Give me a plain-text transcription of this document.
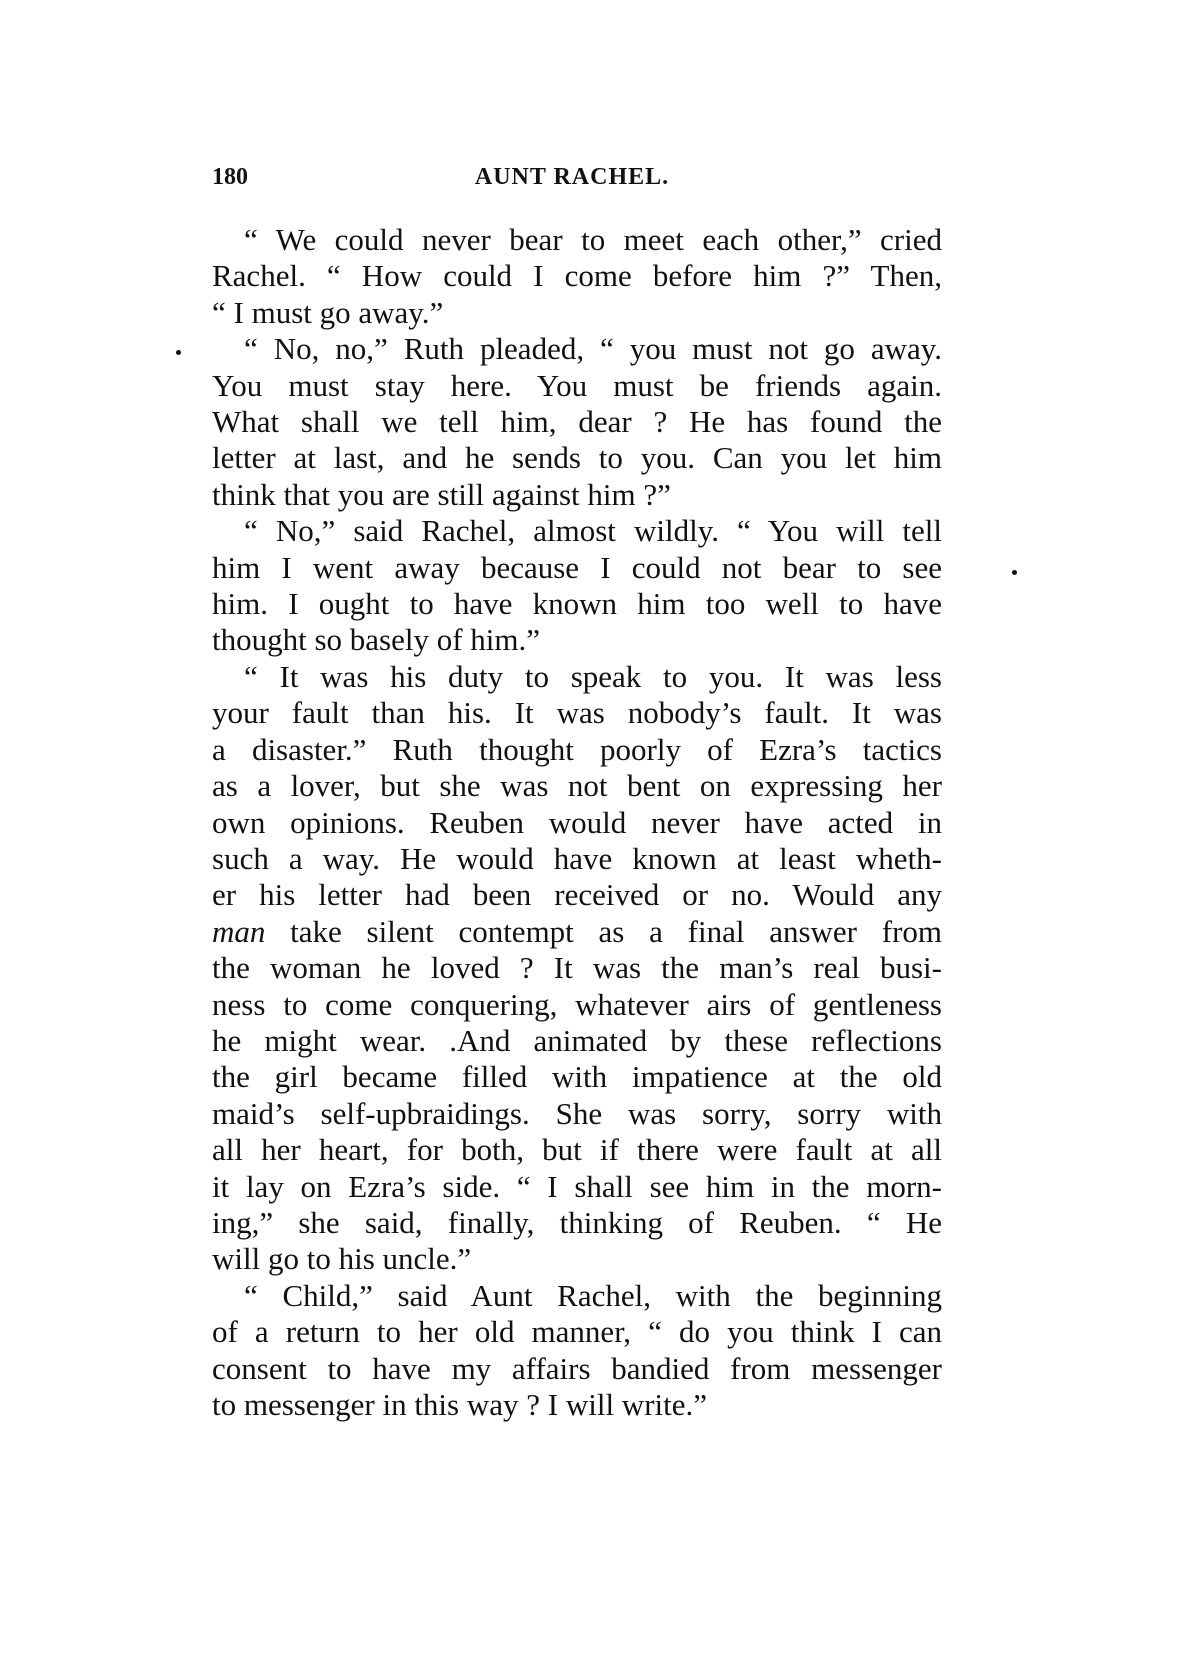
180	AUNT RACHEL.
“ We could never bear to meet each other,” cried
Rachel. “ How could I come before him ?” Then,
“ I must go away.”
“ No, no,” Ruth pleaded, “ you must not go away.
You must stay here. You must be friends again.
What shall we tell him, dear ? He has found the
letter at last, and he sends to you. Can you let him
think that you are still against him ?”
“ No,” said Rachel, almost wildly. “ You will tell
him I went away because I could not bear to see
him. I ought to have known him too well to have
thought so basely of him.”
“ It was his duty to speak to you. It was less
your fault than his. It was nobody’s fault. It was
a disaster.” Ruth thought poorly of Ezra’s tactics
as a lover, but she was not bent on expressing her
own opinions. Reuben would never have acted in
such a way. He would have known at least wheth-
er his letter had been received or no. Would any
man take silent contempt as a final answer from
the woman he loved ? It was the man’s real busi-
ness to come conquering, whatever airs of gentleness
he might wear. .And animated by these reflections
the girl became filled with impatience at the old
maid’s self-upbraidings. She was sorry, sorry with
all her heart, for both, but if there were fault at all
it lay on Ezra’s side. “ I shall see him in the morn-
ing,” she said, finally, thinking of Reuben. “ He
will go to his uncle.”
“ Child,” said Aunt Rachel, with the beginning
of a return to her old manner, “ do you think I can
consent to have my affairs bandied from messenger
to messenger in this way ? I will write.”
